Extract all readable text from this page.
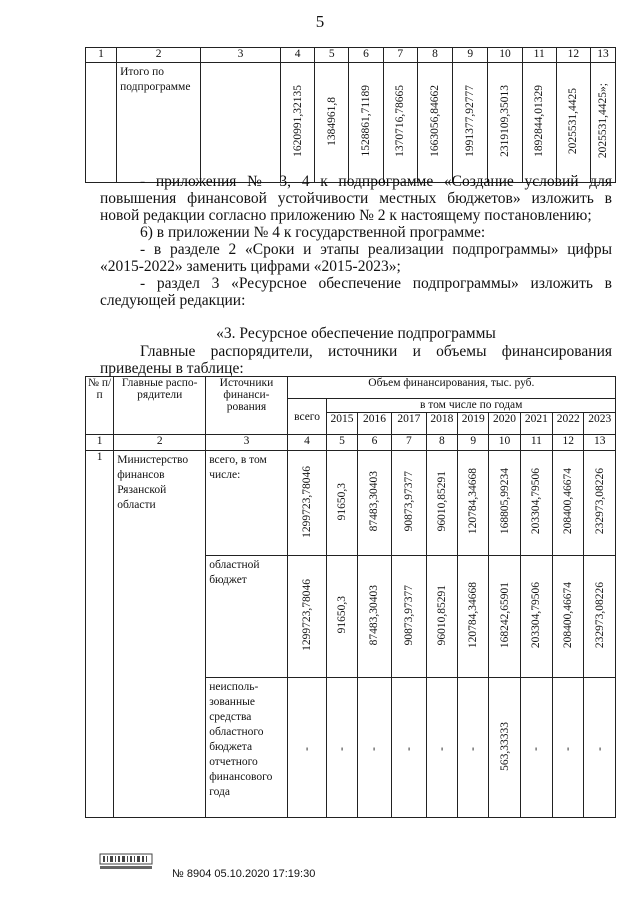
5
1	2	3	4	5	6	7	8	9	10	11	12	13
	Итого по подпрограмме		1620991,32135	1384961,8	1528861,71189	1370716,78665	1663056,84662	1991377,92777	2319109,35013	1892844,01329	2025531,4425	2025531,4425»;
- приложения № 3, 4 к подпрограмме «Создание условий для повышения финансовой устойчивости местных бюджетов» изложить в новой редакции согласно приложению № 2 к настоящему постановлению;
6) в приложении № 4 к государственной программе:
- в разделе 2 «Сроки и этапы реализации подпрограммы» цифры «2015-2022» заменить цифрами «2015-2023»;
- раздел 3 «Ресурсное обеспечение подпрограммы» изложить в следующей редакции:
«3. Ресурсное обеспечение подпрограммы
Главные распорядители, источники и объемы финансирования приведены в таблице:
№ п/п	Главные распо-рядители	Источники финанси-рования	Объем финансирования, тыс. руб.									
			всего	в том числе по годам								
				2015	2016	2017	2018	2019	2020	2021	2022	2023
1	2	3	4	5	6	7	8	9	10	11	12	13
1	Министерство финансов Рязанской области	всего, в том числе:	1299723,78046	91650,3	87483,30403	90873,97377	96010,85291	120784,34668	168805,99234	203304,79506	208400,46674	232973,08226
		областной бюджет	1299723,78046	91650,3	87483,30403	90873,97377	96010,85291	120784,34668	168242,65901	203304,79506	208400,46674	232973,08226
		неисполь-зованные средства областного бюджета отчетного финансового года	-	-	-	-	-	-	563,33333	-	-	-
№ 8904 05.10.2020 17:19:30
